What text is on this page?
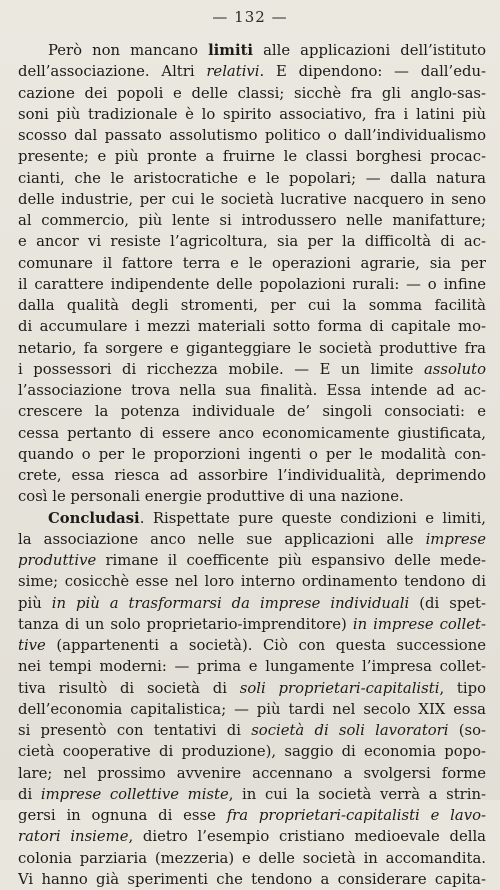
— 132 —
Però non mancano limiti alle applicazioni dell’istituto
dell’associazione. Altri relativi. E dipendono: — dall’edu-
cazione dei popoli e delle classi; sicchè fra gli anglo-sas-
soni più tradizionale è lo spirito associativo, fra i latini più
scosso dal passato assolutismo politico o dall’individualismo
presente; e più pronte a fruirne le classi borghesi procac-
cianti, che le aristocratiche e le popolari; — dalla natura
delle industrie, per cui le società lucrative nacquero in seno
al commercio, più lente si introdussero nelle manifatture;
e ancor vi resiste l’agricoltura, sia per la difficoltà di ac-
comunare il fattore terra e le operazioni agrarie, sia per
il carattere indipendente delle popolazioni rurali: — o infine
dalla qualità degli stromenti, per cui la somma facilità
di accumulare i mezzi materiali sotto forma di capitale mo-
netario, fa sorgere e giganteggiare le società produttive fra
i possessori di ricchezza mobile. — E un limite assoluto
l’associazione trova nella sua finalità. Essa intende ad ac-
crescere la potenza individuale de’ singoli consociati: e
cessa pertanto di essere anco economicamente giustificata,
quando o per le proporzioni ingenti o per le modalità con-
crete, essa riesca ad assorbire l’individualità, deprimendo
così le personali energie produttive di una nazione.
Concludasi. Rispettate pure queste condizioni e limiti,
la associazione anco nelle sue applicazioni alle imprese
produttive rimane il coefficente più espansivo delle mede-
sime; cosicchè esse nel loro interno ordinamento tendono di
più in più a trasformarsi da imprese individuali (di spet-
tanza di un solo proprietario-imprenditore) in imprese collet-
tive (appartenenti a società). Ciò con questa successione
nei tempi moderni: — prima e lungamente l’impresa collet-
tiva risultò di società di soli proprietari-capitalisti, tipo
dell’economia capitalistica; — più tardi nel secolo XIX essa
si presentò con tentativi di società di soli lavoratori (so-
cietà cooperative di produzione), saggio di economia popo-
lare; nel prossimo avvenire accennano a svolgersi forme
di imprese collettive miste, in cui la società verrà a strin-
gersi in ognuna di esse fra proprietari-capitalisti e lavo-
ratori insieme, dietro l’esempio cristiano medioevale della
colonia parziaria (mezzeria) e delle società in accomandita.
Vi hanno già sperimenti che tendono a considerare capita-
